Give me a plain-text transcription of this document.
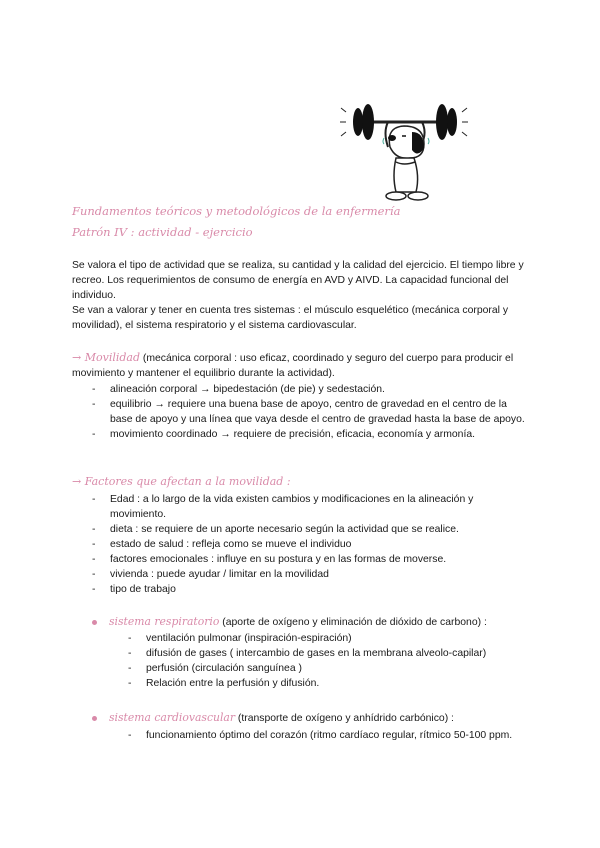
Fundamentos teóricos y metodológicos de la enfermería
Patrón IV : actividad - ejercicio

Se valora el tipo de actividad que se realiza, su cantidad y la calidad del ejercicio. El tiempo libre y recreo. Los requerimientos de consumo de energía en AVD y AIVD. La capacidad funcional del individuo.

Se van a valorar y tener en cuenta tres sistemas : el músculo esquelético (mecánica corporal y movilidad), el sistema respiratorio y el sistema cardiovascular.

→ Movilidad (mecánica corporal : uso eficaz, coordinado y seguro del cuerpo para producir el movimiento y mantener el equilibrio durante la actividad).
- alineación corporal → bipedestación (de pie) y sedestación.
- equilibrio → requiere una buena base de apoyo, centro de gravedad en el centro de la base de apoyo y una línea que vaya desde el centro de gravedad hasta la base de apoyo.
- movimiento coordinado → requiere de precisión, eficacia, economía y armonía.
→ Factores que afectan a la movilidad :
- Edad : a lo largo de la vida existen cambios y modificaciones en la alineación y movimiento.
- dieta : se requiere de un aporte necesario según la actividad que se realice.
- estado de salud : refleja como se mueve el individuo
- factores emocionales : influye en su postura y en las formas de moverse.
- vivienda : puede ayudar / limitar en la movilidad
- tipo de trabajo
sistema respiratorio (aporte de oxígeno y eliminación de dióxido de carbono) :
- ventilación pulmonar (inspiración-espiración)
- difusión de gases ( intercambio de gases en la membrana alveolo-capilar)
- perfusión (circulación sanguínea )
- Relación entre la perfusión y difusión.
sistema cardiovascular (transporte de oxígeno y anhídrido carbónico) :
- funcionamiento óptimo del corazón (ritmo cardíaco regular, rítmico 50-100 ppm.
